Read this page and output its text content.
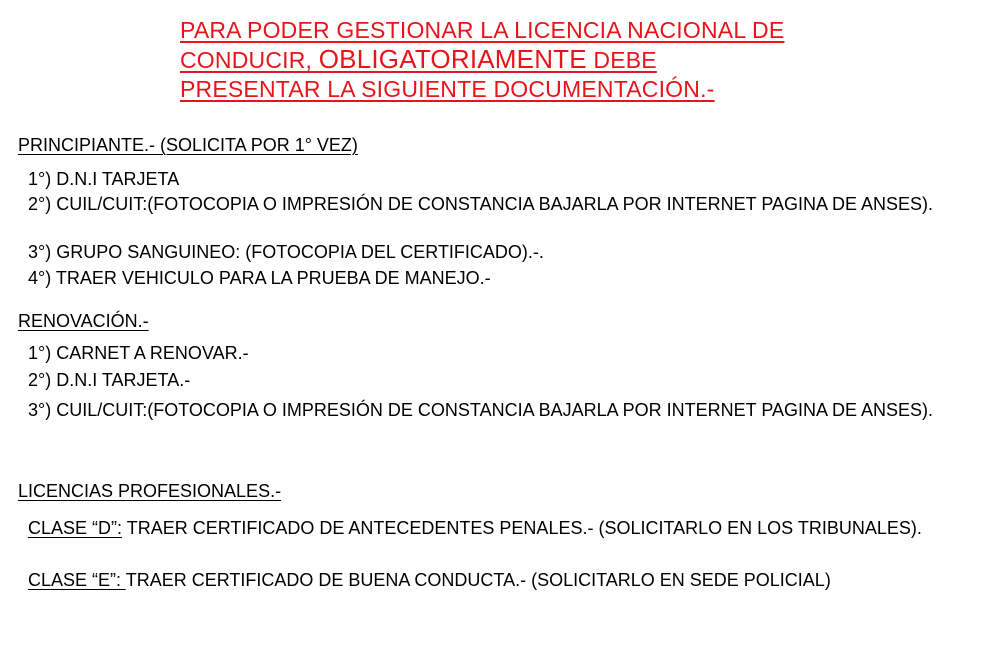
PARA PODER GESTIONAR LA LICENCIA NACIONAL DE
CONDUCIR, OBLIGATORIAMENTE DEBE
PRESENTAR LA SIGUIENTE DOCUMENTACIÓN.-
PRINCIPIANTE.- (SOLICITA POR 1° VEZ)
1°) D.N.I TARJETA
2°) CUIL/CUIT:(FOTOCOPIA O IMPRESIÓN DE CONSTANCIA BAJARLA POR INTERNET PAGINA DE ANSES).
3°) GRUPO SANGUINEO: (FOTOCOPIA DEL CERTIFICADO).-.
4°) TRAER VEHICULO PARA LA PRUEBA DE MANEJO.-
RENOVACIÓN.-
1°) CARNET A RENOVAR.-
2°) D.N.I TARJETA.-
3°) CUIL/CUIT:(FOTOCOPIA O IMPRESIÓN DE CONSTANCIA BAJARLA POR INTERNET PAGINA DE ANSES).
LICENCIAS PROFESIONALES.-
CLASE “D”: TRAER CERTIFICADO DE ANTECEDENTES PENALES.- (SOLICITARLO EN LOS TRIBUNALES).
CLASE “E”: TRAER CERTIFICADO DE BUENA CONDUCTA.- (SOLICITARLO EN SEDE POLICIAL)
